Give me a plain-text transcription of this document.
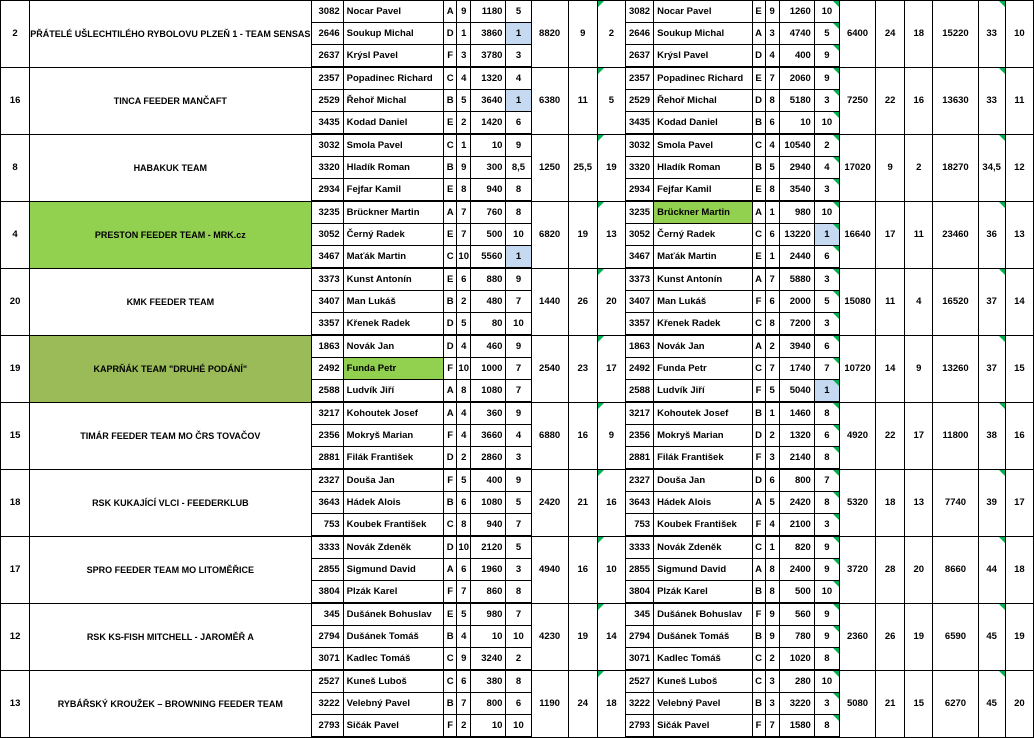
2	PŘÁTELÉ UŠLECHTILÉHO RYBOLOVU PLZEŇ 1 - TEAM SENSAS	3082	Nocar Pavel	A	9	1180	5	8820	9	2	3082	Nocar Pavel	E	9	1260	10	6400	24	18	15220	33	10
		2646	Soukup Michal	D	1	3860	1				2646	Soukup Michal	A	3	4740	5						
		2637	Krýsl Pavel	F	3	3780	3				2637	Krýsl Pavel	D	4	400	9						
16	TINCA FEEDER MANČAFT	2357	Popadinec Richard	C	4	1320	4	6380	11	5	2357	Popadinec Richard	E	7	2060	9	7250	22	16	13630	33	11
		2529	Řehoř Michal	B	5	3640	1				2529	Řehoř Michal	D	8	5180	3						
		3435	Kodad Daniel	E	2	1420	6				3435	Kodad Daniel	B	6	10	10						
8	HABAKUK TEAM	3032	Smola Pavel	C	1	10	9	1250	25,5	19	3032	Smola Pavel	C	4	10540	2	17020	9	2	18270	34,5	12
		3320	Hladík Roman	B	9	300	8,5				3320	Hladík Roman	B	5	2940	4						
		2934	Fejfar Kamil	E	8	940	8				2934	Fejfar Kamil	E	8	3540	3						
4	PRESTON FEEDER TEAM - MRK.cz	3235	Brückner Martin	A	7	760	8	6820	19	13	3235	Brückner Martin	A	1	980	10	16640	17	11	23460	36	13
		3052	Černý Radek	E	7	500	10				3052	Černý Radek	C	6	13220	1						
		3467	Maťák Martin	C	10	5560	1				3467	Maťák Martin	E	1	2440	6						
20	KMK FEEDER TEAM	3373	Kunst Antonín	E	6	880	9	1440	26	20	3373	Kunst Antonín	A	7	5880	3	15080	11	4	16520	37	14
		3407	Man Lukáš	B	2	480	7				3407	Man Lukáš	F	6	2000	5						
		3357	Křenek Radek	D	5	80	10				3357	Křenek Radek	C	8	7200	3						
19	KAPRŇÁK TEAM "DRUHÉ PODÁNÍ"	1863	Novák Jan	D	4	460	9	2540	23	17	1863	Novák Jan	A	2	3940	6	10720	14	9	13260	37	15
		2492	Funda Petr	F	10	1000	7				2492	Funda Petr	C	7	1740	7						
		2588	Ludvík Jiří	A	8	1080	7				2588	Ludvík Jiří	F	5	5040	1						
15	TIMÁR FEEDER TEAM MO ČRS TOVAČOV	3217	Kohoutek Josef	A	4	360	9	6880	16	9	3217	Kohoutek Josef	B	1	1460	8	4920	22	17	11800	38	16
		2356	Mokryš Marian	F	4	3660	4				2356	Mokryš Marian	D	2	1320	6						
		2881	Filák František	D	2	2860	3				2881	Filák František	F	3	2140	8						
18	RSK KUKAJÍCÍ VLCI - FEEDERKLUB	2327	Douša Jan	F	5	400	9	2420	21	16	2327	Douša Jan	D	6	800	7	5320	18	13	7740	39	17
		3643	Hádek Alois	B	6	1080	5				3643	Hádek Alois	A	5	2420	8						
		753	Koubek František	C	8	940	7				753	Koubek František	F	4	2100	3						
17	SPRO FEEDER TEAM MO LITOMĚŘICE	3333	Novák Zdeněk	D	10	2120	5	4940	16	10	3333	Novák Zdeněk	C	1	820	9	3720	28	20	8660	44	18
		2855	Sigmund David	A	6	1960	3				2855	Sigmund David	A	8	2400	9						
		3804	Plzák Karel	F	7	860	8				3804	Plzák Karel	B	8	500	10						
12	RSK KS-FISH MITCHELL - JAROMĚŘ A	345	Dušánek Bohuslav	E	5	980	7	4230	19	14	345	Dušánek Bohuslav	F	9	560	9	2360	26	19	6590	45	19
		2794	Dušánek Tomáš	B	4	10	10				2794	Dušánek Tomáš	B	9	780	9						
		3071	Kadlec Tomáš	C	9	3240	2				3071	Kadlec Tomáš	C	2	1020	8						
13	RYBÁŘSKÝ KROUŽEK – BROWNING FEEDER TEAM	2527	Kuneš Luboš	C	6	380	8	1190	24	18	2527	Kuneš Luboš	C	3	280	10	5080	21	15	6270	45	20
		3222	Velebný Pavel	B	7	800	6				3222	Velebný Pavel	B	3	3220	3						
		2793	Sičák Pavel	F	2	10	10				2793	Sičák Pavel	F	7	1580	8						
